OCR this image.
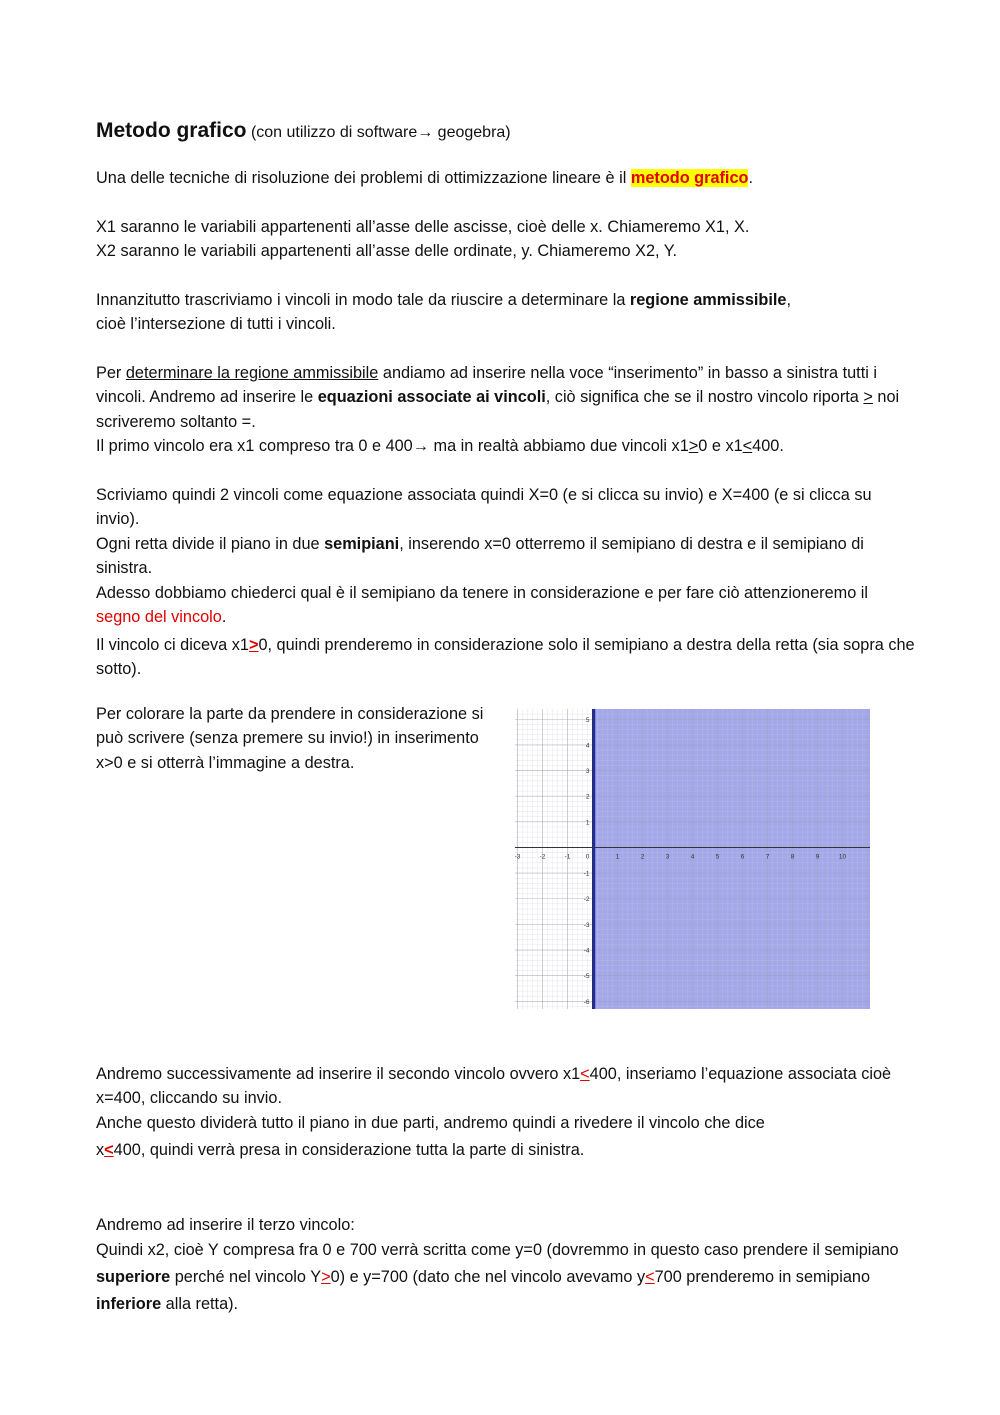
Metodo grafico (con utilizzo di software→ geogebra)

Una delle tecniche di risoluzione dei problemi di ottimizzazione lineare è il metodo grafico.

X1 saranno le variabili appartenenti all’asse delle ascisse, cioè delle x. Chiameremo X1, X.

X2 saranno le variabili appartenenti all’asse delle ordinate, y. Chiameremo X2, Y.

Innanzitutto trascriviamo i vincoli in modo tale da riuscire a determinare la regione ammissibile,
cioè l’intersezione di tutti i vincoli.

Per determinare la regione ammissibile andiamo ad inserire nella voce “inserimento” in basso a sinistra tutti i vincoli. Andremo ad inserire le equazioni associate ai vincoli, ciò significa che se il nostro vincolo riporta > noi scriveremo soltanto =.

Il primo vincolo era x1 compreso tra 0 e 400→ ma in realtà abbiamo due vincoli x1≥0 e x1≤400.

Scriviamo quindi 2 vincoli come equazione associata quindi X=0 (e si clicca su invio) e X=400 (e si clicca su invio).

Ogni retta divide il piano in due semipiani, inserendo x=0 otterremo il semipiano di destra e il semipiano di sinistra.

Adesso dobbiamo chiederci qual è il semipiano da tenere in considerazione e per fare ciò attenzioneremo il segno del vincolo.

Il vincolo ci diceva x1≥0, quindi prenderemo in considerazione solo il semipiano a destra della retta (sia sopra che sotto).

Per colorare la parte da prendere in considerazione si può scrivere (senza premere su invio!) in inserimento x>0 e si otterrà l’immagine a destra.

-3	-2	-1 0	1	2	3	4	5	6	7	8	9	10
5
4
3
2
1
-1
-2
-3
-4
-5
-6

Andremo successivamente ad inserire il secondo vincolo ovvero x1≤400, inseriamo l’equazione associata cioè x=400, cliccando su invio.

Anche questo dividerà tutto il piano in due parti, andremo quindi a rivedere il vincolo che dice

x≤400, quindi verrà presa in considerazione tutta la parte di sinistra.

Andremo ad inserire il terzo vincolo:

Quindi x2, cioè Y compresa fra 0 e 700 verrà scritta come y=0 (dovremmo in questo caso prendere il semipiano superiore perché nel vincolo Y≥0) e y=700 (dato che nel vincolo avevamo y≤700 prenderemo in semipiano inferiore alla retta).
